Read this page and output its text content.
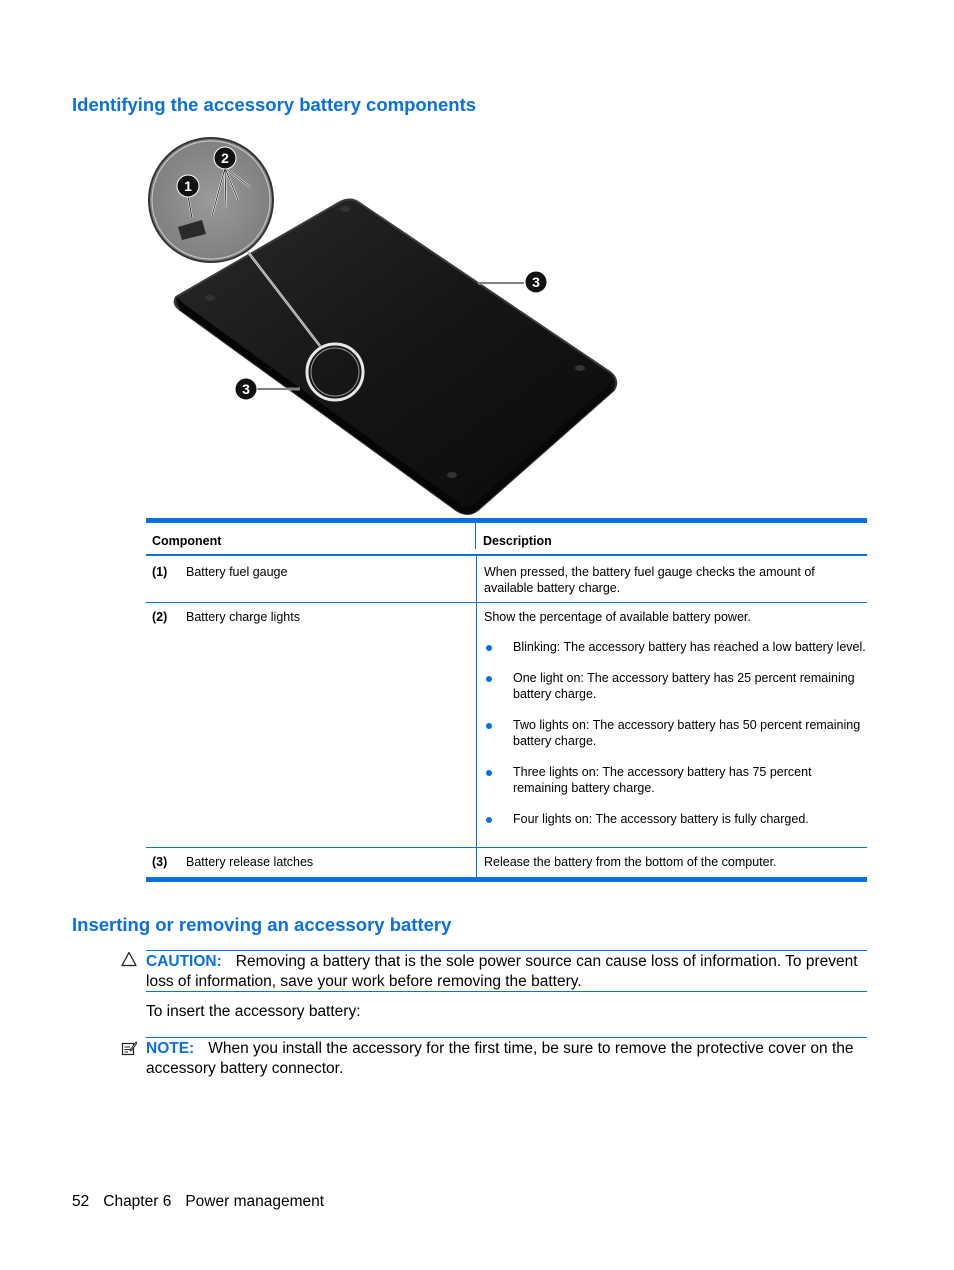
Identifying the accessory battery components
1
2
3
3
Component	Description
(1)	Battery fuel gauge	When pressed, the battery fuel gauge checks the amount of available battery charge.

(2)	Battery charge lights	Show the percentage of available battery power.

Blinking: The accessory battery has reached a low battery level.
One light on: The accessory battery has 25 percent remaining battery charge.
Two lights on: The accessory battery has 50 percent remaining battery charge.
Three lights on: The accessory battery has 75 percent remaining battery charge.
Four lights on: The accessory battery is fully charged.
(3)	Battery release latches	Release the battery from the bottom of the computer.

Inserting or removing an accessory battery
CAUTION: Removing a battery that is the sole power source can cause loss of information. To prevent loss of information, save your work before removing the battery.

To insert the accessory battery:

NOTE: When you install the accessory for the first time, be sure to remove the protective cover on the accessory battery connector.
52 Chapter 6 Power management
